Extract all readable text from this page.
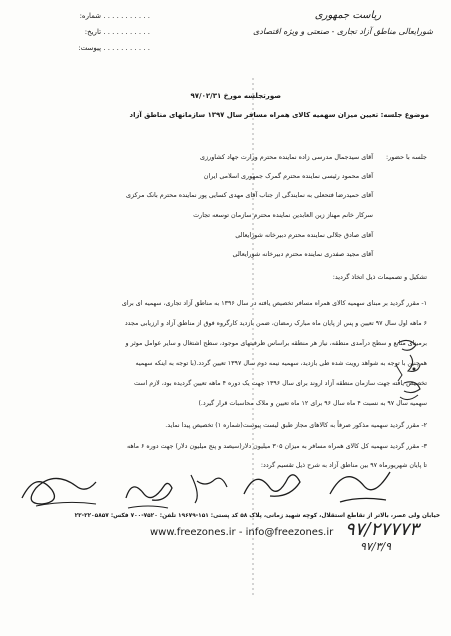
. . . . . . . . . . . شماره:
. . . . . . . . . . . تاریخ:
. . . . . . . . . . . پیوست:
ریاست جمهوری
شورایعالی مناطق آزاد تجاری - صنعتی و ویژه اقتصادی
صورتجلسه مورخ ۹۷/۰۲/۳۱
موضوع جلسه: تعیین میزان سهمیه کالای همراه مسافر سال ۱۳۹۷ سازمانهای مناطق آزاد
جلسه با حضور:
آقای سیدجمال مدرسی زاده نماینده محترم وزارت جهاد کشاورزی
آقای محمود رئیسی نماینده محترم گمرک جمهوری اسلامی ایران
آقای حمیدرضا فتحعلی به نمایندگی از جناب آقای مهدی کسایی پور نماینده محترم بانک مرکزی
سرکار خانم مهناز زین العابدین نماینده محترم سازمان توسعه تجارت
آقای صادق جلالی نماینده محترم دبیرخانه شورایعالی
آقای مجید صفدری نماینده محترم دبیرخانه شورایعالی
تشکیل و تصمیمات ذیل اتخاذ گردید:
۱- مقرر گردید بر مبنای سهمیه کالای همراه مسافر تخصیص یافته در سال ۱۳۹۶ به مناطق آزاد تجاری، سهمیه ای برای
۶ ماهه اول سال ۹۷ تعیین و پس از پایان ماه مبارک رمضان، ضمن بازدید کارگروه فوق از مناطق آزاد و ارزیابی مجدد
برمبنای منابع و سطح درآمدی منطقه، نیاز هر منطقه براساس ظرفیتهای موجود، سطح اشتغال و سایر عوامل موثر و
همچنین با توجه به شواهد رویت شده طی بازدید، سهمیه نیمه دوم سال ۱۳۹۷ تعیین گردد.(با توجه به اینکه سهمیه
تخصیص یافته جهت سازمان منطقه آزاد اروند برای سال ۱۳۹۶ جهت یک دوره ۴ ماهه تعیین گردیده بود، لازم است
سهمیه سال ۹۷ به نسبت ۴ ماه سال ۹۶ برای ۱۲ ماه تعیین و ملاک محاسبات قرار گیرد.)
۲- مقرر گردید سهمیه مذکور صرفاً به کالاهای مجاز طبق لیست پیوست(شماره ۱) تخصیص پیدا نماید.
۳- مقرر گردید سهمیه کل کالای همراه مسافر به میزان ۳۰۵ میلیون دلار(سیصد و پنج میلیون دلار) جهت دوره ۶ ماهه
تا پایان شهریورماه ۹۷ بین مناطق آزاد به شرح ذیل تقسیم گردد:
خیابان ولی عصر، بالاتر از تقاطع استقلال، کوچه شهید زمانی، پلاک ۵۸ کد پستی: ۱۵۱-۱۹۶۷۹ تلفن: ۷۵۲۰-۷۰۰ فکس: ۲۲۰۵۸۵۷-۲۲
www.freezones.ir - info@freezones.ir ۹۷/۲۷۷۷۳
۹۷/۳/۹
